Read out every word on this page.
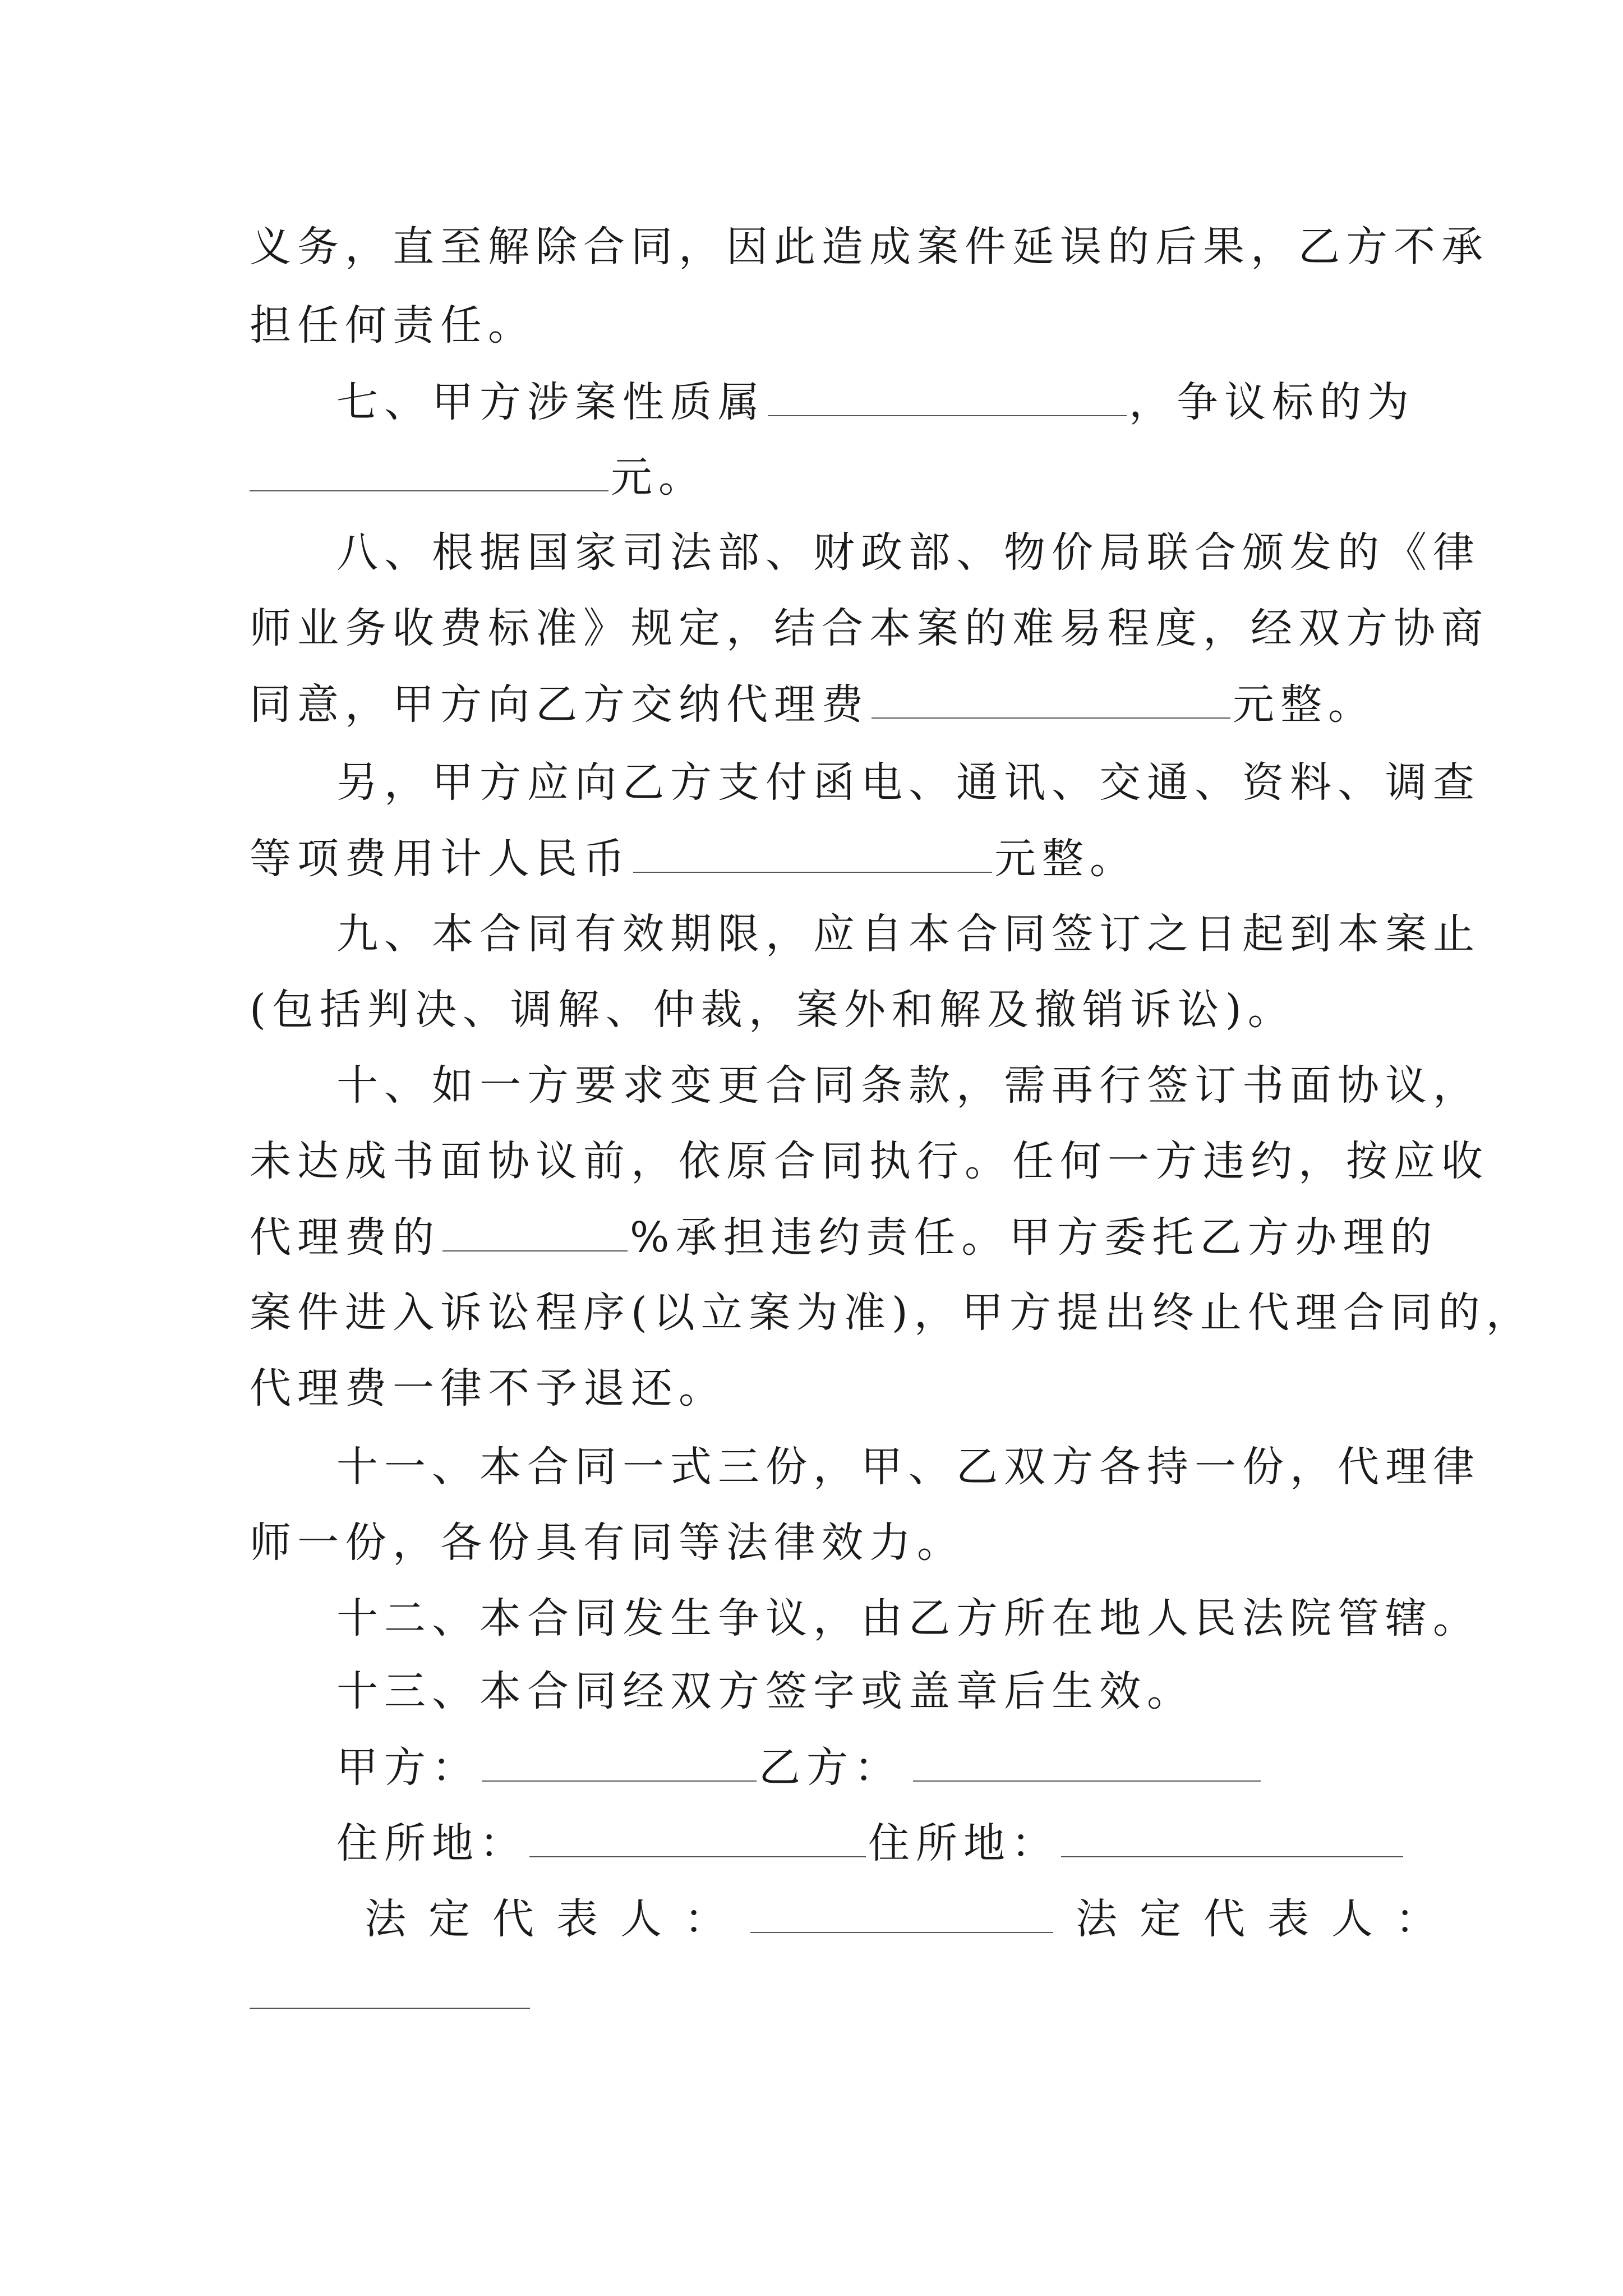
义务，直至解除合同，因此造成案件延误的后果，乙方不承
担任何责任。
七、甲方涉案性质属	，争议标的为
元。
八、根据国家司法部、财政部、物价局联合颁发的《律
师业务收费标准》规定，结合本案的难易程度，经双方协商
同意，甲方向乙方交纳代理费	元整。
另，甲方应向乙方支付函电、通讯、交通、资料、调查
等项费用计人民币	元整。
九、本合同有效期限，应自本合同签订之日起到本案止
(包括判决、调解、仲裁，案外和解及撤销诉讼)。
十、如一方要求变更合同条款，需再行签订书面协议，
未达成书面协议前，依原合同执行。任何一方违约，按应收
代理费的	%承担违约责任。甲方委托乙方办理的
案件进入诉讼程序(以立案为准)，甲方提出终止代理合同的，
代理费一律不予退还。
十一、本合同一式三份，甲、乙双方各持一份，代理律
师一份，各份具有同等法律效力。
十二、本合同发生争议，由乙方所在地人民法院管辖。
十三、本合同经双方签字或盖章后生效。
甲方：	乙方：
住所地：	住所地：
法定代表人：	法定代表人：
